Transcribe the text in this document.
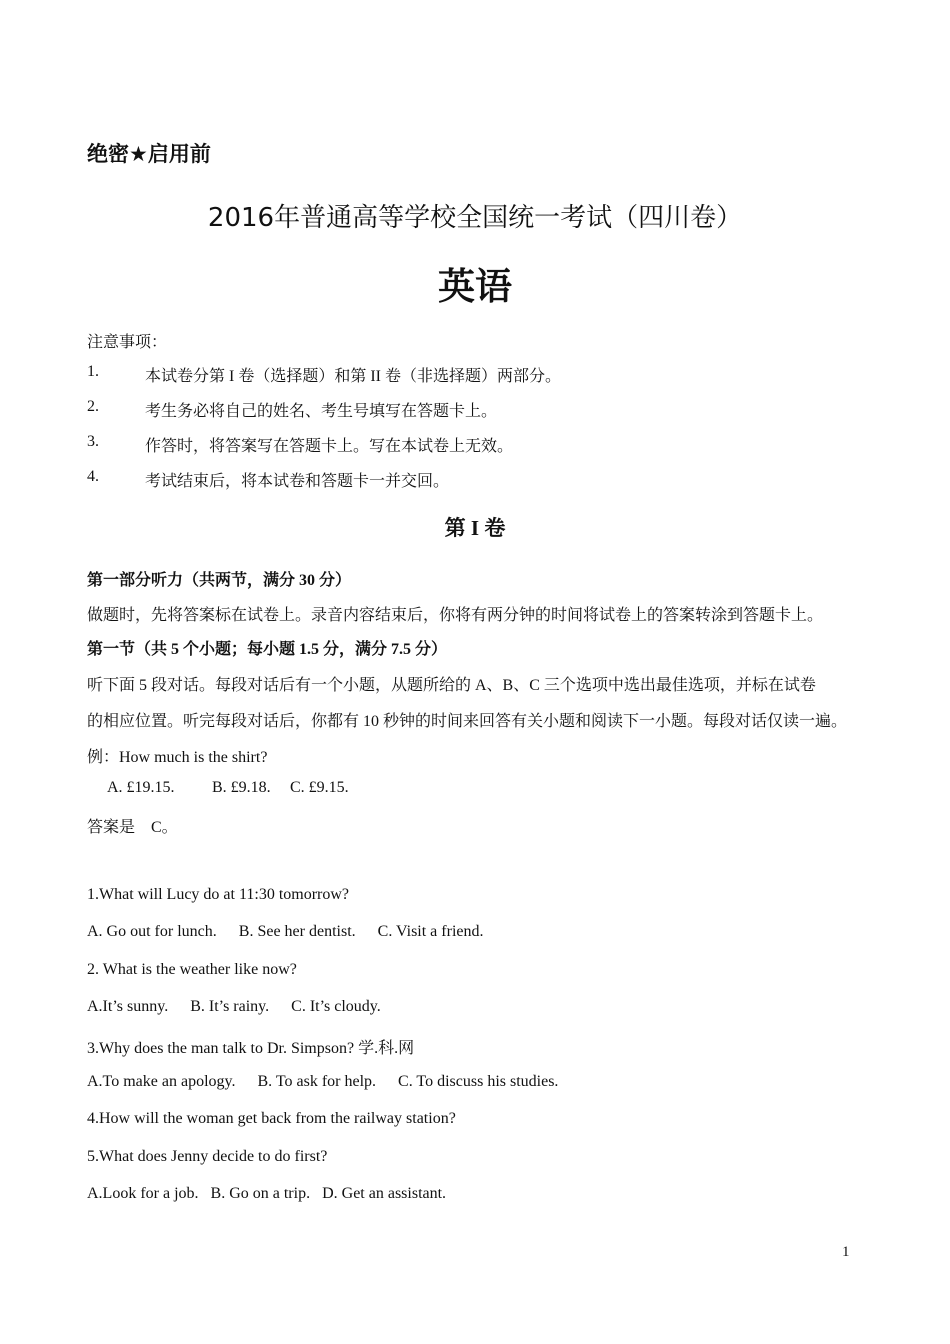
绝密★启用前
2016年普通高等学校全国统一考试（四川卷）
英语
注意事项：
1.	本试卷分第 I 卷（选择题）和第 II 卷（非选择题）两部分。
2.	考生务必将自己的姓名、考生号填写在答题卡上。
3.	作答时，将答案写在答题卡上。写在本试卷上无效。
4.	考试结束后，将本试卷和答题卡一并交回。
第 I 卷
第一部分听力（共两节，满分 30 分）
做题时，先将答案标在试卷上。录音内容结束后，你将有两分钟的时间将试卷上的答案转涂到答题卡上。
第一节（共 5 个小题；每小题 1.5 分，满分 7.5 分）
听下面 5 段对话。每段对话后有一个小题，从题所给的 A、B、C 三个选项中选出最佳选项，并标在试卷
的相应位置。听完每段对话后，你都有 10 秒钟的时间来回答有关小题和阅读下一小题。每段对话仅读一遍。
例：How much is the shirt?
A. £19.15. B. £9.18. C. £9.15.
答案是　C。
1.What will Lucy do at 11:30 tomorrow?
A. Go out for lunch. B. See her dentist. C. Visit a friend.
2. What is the weather like now?
A.It’s sunny. B. It’s rainy. C. It’s cloudy.
3.Why does the man talk to Dr. Simpson? 学.科.网
A.To make an apology. B. To ask for help. C. To discuss his studies.
4.How will the woman get back from the railway station?
5.What does Jenny decide to do first?
A.Look for a job. B. Go on a trip. D. Get an assistant.
1
